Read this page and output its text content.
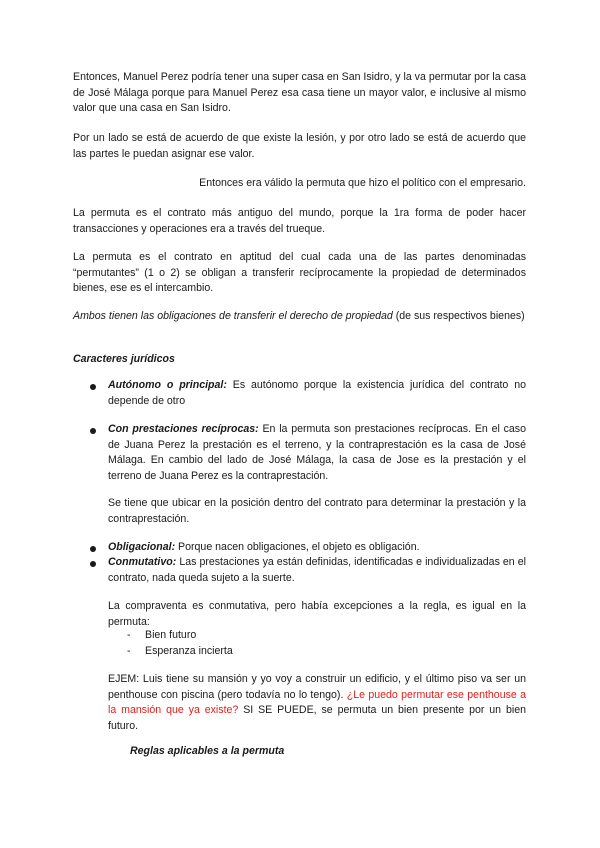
Entonces, Manuel Perez podría tener una super casa en San Isidro, y la va permutar por la casa de José Málaga porque para Manuel Perez esa casa tiene un mayor valor, e inclusive al mismo valor que una casa en San Isidro.
Por un lado se está de acuerdo de que existe la lesión, y por otro lado se está de acuerdo que las partes le puedan asignar ese valor.
Entonces era válido la permuta que hizo el político con el empresario.
La permuta es el contrato más antiguo del mundo, porque la 1ra forma de poder hacer transacciones y operaciones era a través del trueque.
La permuta es el contrato en aptitud del cual cada una de las partes denominadas “permutantes” (1 o 2) se obligan a transferir recíprocamente la propiedad de determinados bienes, ese es el intercambio.
Ambos tienen las obligaciones de transferir el derecho de propiedad (de sus respectivos bienes)
Caracteres jurídicos
Autónomo o principal: Es autónomo porque la existencia jurídica del contrato no depende de otro
Con prestaciones recíprocas: En la permuta son prestaciones recíprocas. En el caso de Juana Perez la prestación es el terreno, y la contraprestación es la casa de José Málaga. En cambio del lado de José Málaga, la casa de Jose es la prestación y el terreno de Juana Perez es la contraprestación.
Se tiene que ubicar en la posición dentro del contrato para determinar la prestación y la contraprestación.
Obligacional: Porque nacen obligaciones, el objeto es obligación.
Conmutativo: Las prestaciones ya están definidas, identificadas e individualizadas en el contrato, nada queda sujeto a la suerte.
La compraventa es conmutativa, pero había excepciones a la regla, es igual en la permuta:
- Bien futuro
- Esperanza incierta
EJEM: Luis tiene su mansión y yo voy a construir un edificio, y el último piso va ser un penthouse con piscina (pero todavía no lo tengo). ¿Le puedo permutar ese penthouse a la mansión que ya existe? SI SE PUEDE, se permuta un bien presente por un bien futuro.
Reglas aplicables a la permuta
